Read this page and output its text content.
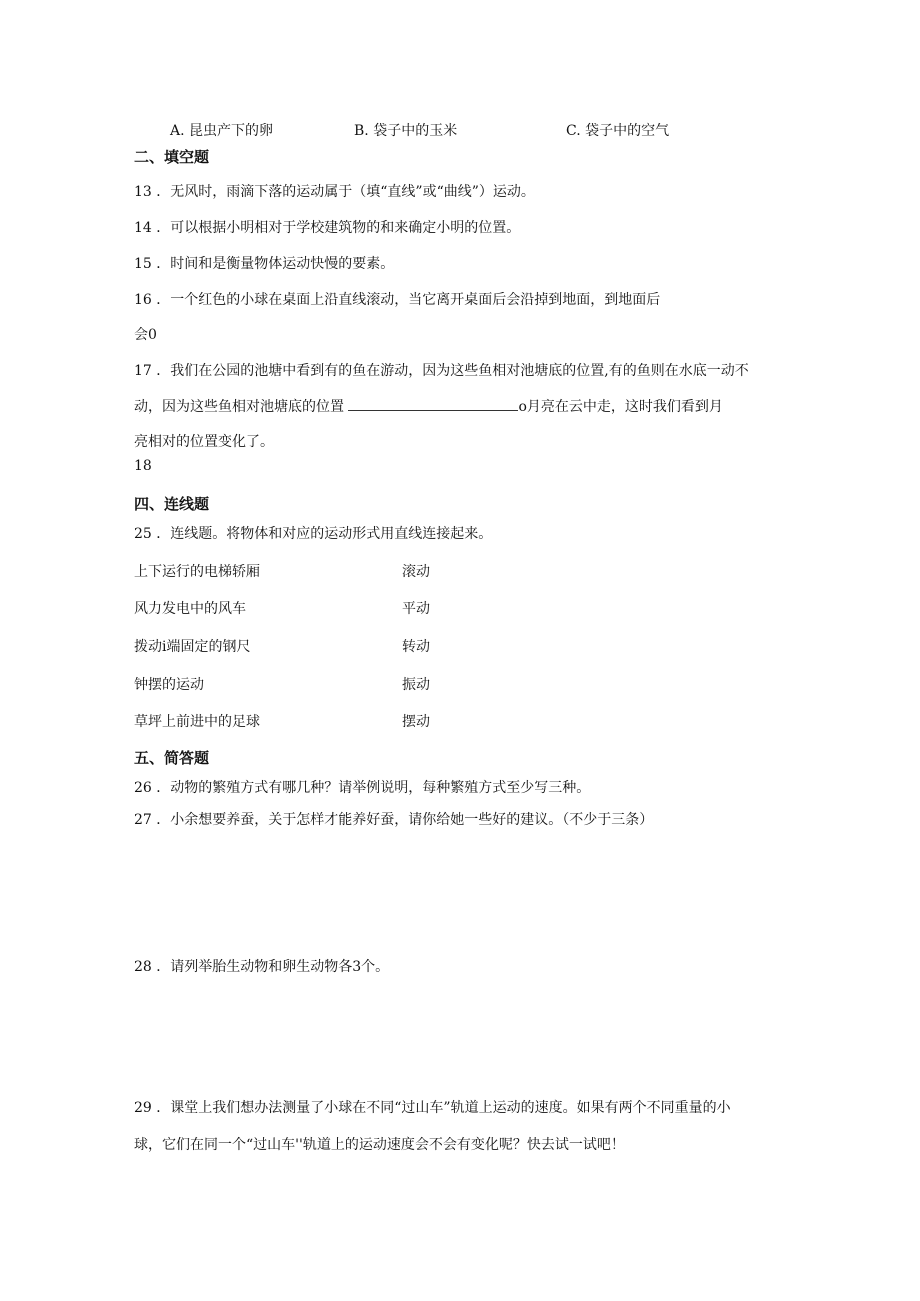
A. 昆虫产下的卵	B. 袋子中的玉米	C. 袋子中的空气
二、填空题
13 ．无风时，雨滴下落的运动属于（填“直线”或“曲线”）运动。
14 ．可以根据小明相对于学校建筑物的和来确定小明的位置。
15 ．时间和是衡量物体运动快慢的要素。
16 ．一个红色的小球在桌面上沿直线滚动，当它离开桌面后会沿掉到地面，到地面后
会0
17 ．我们在公园的池塘中看到有的鱼在游动，因为这些鱼相对池塘底的位置,有的鱼则在水底一动不
动，因为这些鱼相对池塘底的位置	o月亮在云中走，这时我们看到月
亮相对的位置变化了。
18
四、连线题
25 ．连线题。将物体和对应的运动形式用直线连接起来。
上下运行的电梯轿厢	滚动
风力发电中的风车	平动
拨动i端固定的钢尺	转动
钟摆的运动	振动
草坪上前进中的足球	摆动
五、简答题
26 ．动物的繁殖方式有哪几种？请举例说明，每种繁殖方式至少写三种。
27 ．小余想要养蚕，关于怎样才能养好蚕，请你给她一些好的建议。（不少于三条）
28 ．请列举胎生动物和卵生动物各3个。
29 ．课堂上我们想办法测量了小球在不同“过山车”轨道上运动的速度。如果有两个不同重量的小
球，它们在同一个“过山车''轨道上的运动速度会不会有变化呢？快去试一试吧！
